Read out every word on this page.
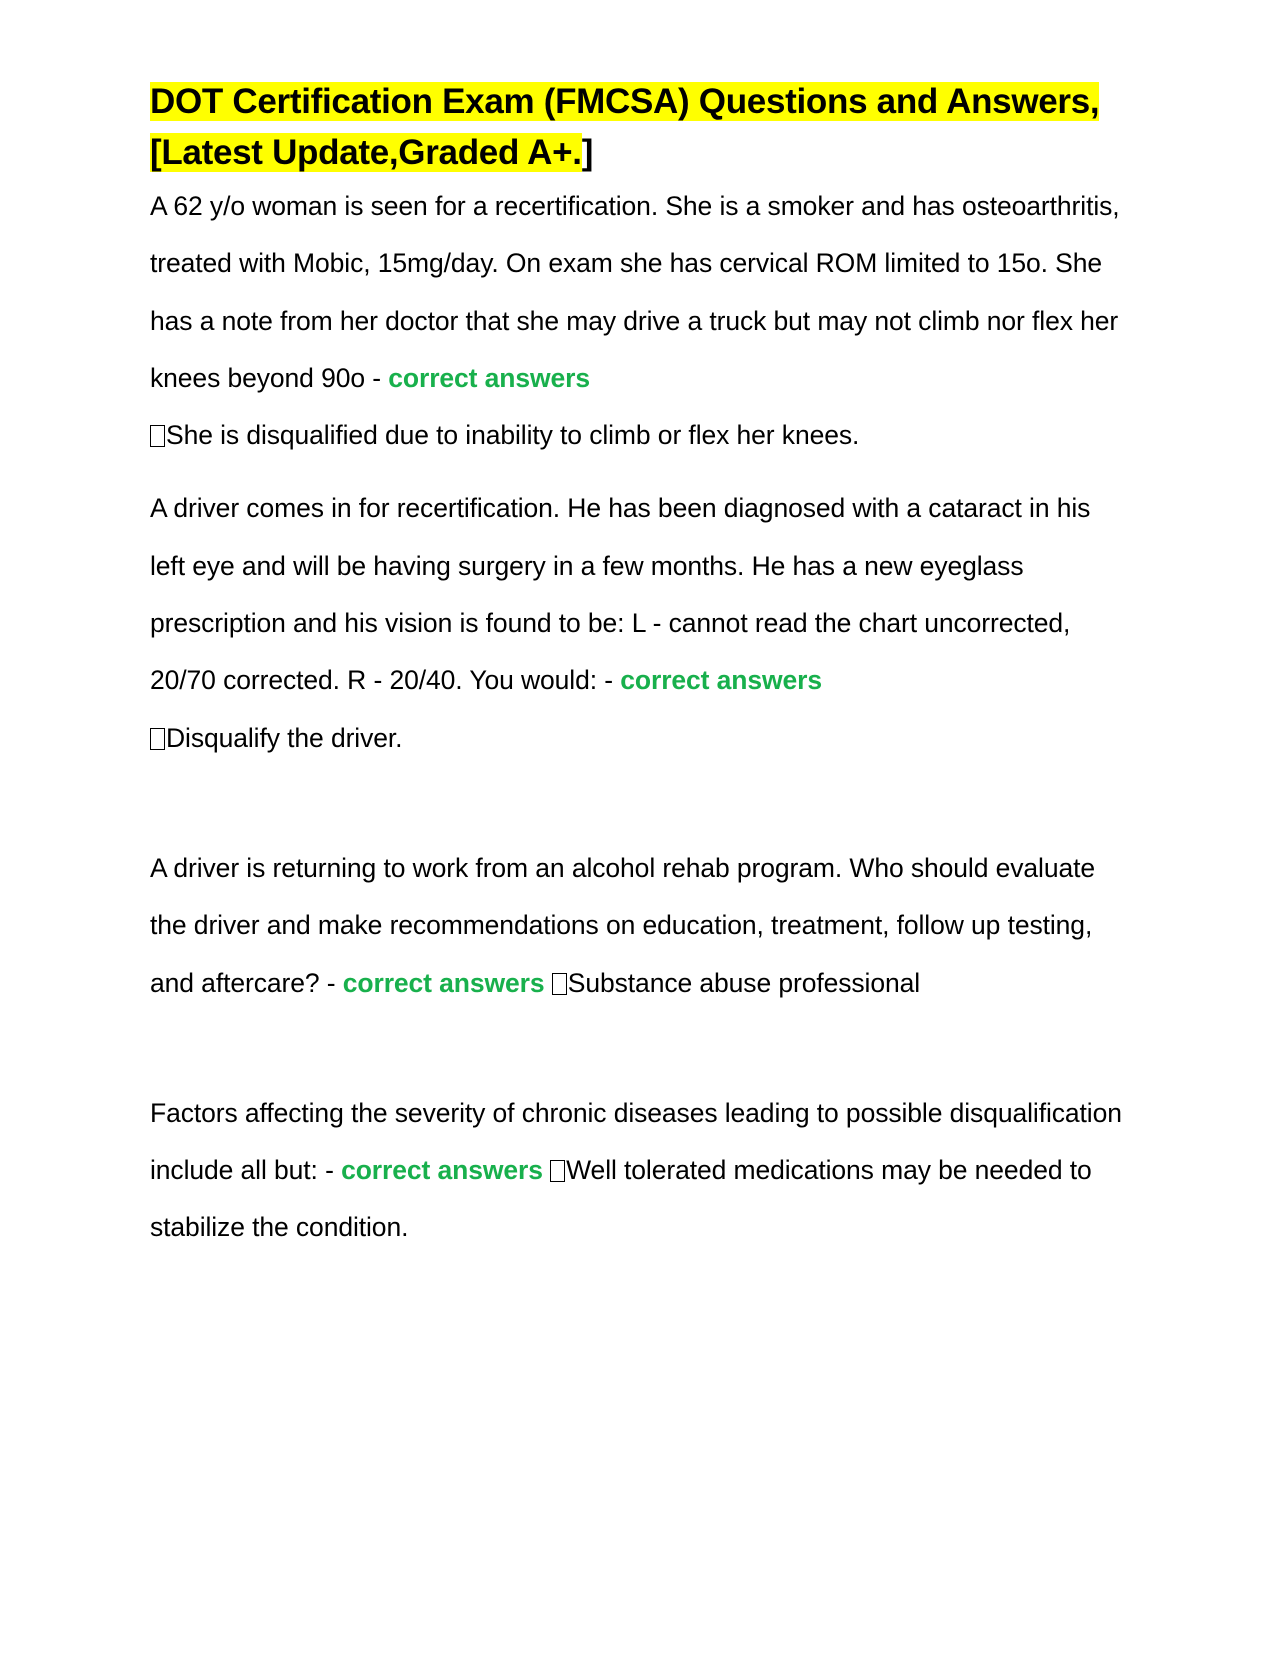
DOT Certification Exam (FMCSA) Questions and Answers, [Latest Update,Graded A+.]

A 62 y/o woman is seen for a recertification. She is a smoker and has osteoarthritis, treated with Mobic, 15mg/day. On exam she has cervical ROM limited to 15o. She has a note from her doctor that she may drive a truck but may not climb nor flex her knees beyond 90o - correct answers
She is disqualified due to inability to climb or flex her knees.

A driver comes in for recertification. He has been diagnosed with a cataract in his left eye and will be having surgery in a few months. He has a new eyeglass prescription and his vision is found to be: L - cannot read the chart uncorrected, 20/70 corrected. R - 20/40. You would: - correct answers
Disqualify the driver.

A driver is returning to work from an alcohol rehab program. Who should evaluate the driver and make recommendations on education, treatment, follow up testing, and aftercare? - correct answers Substance abuse professional

Factors affecting the severity of chronic diseases leading to possible disqualification include all but: - correct answers Well tolerated medications may be needed to stabilize the condition.
